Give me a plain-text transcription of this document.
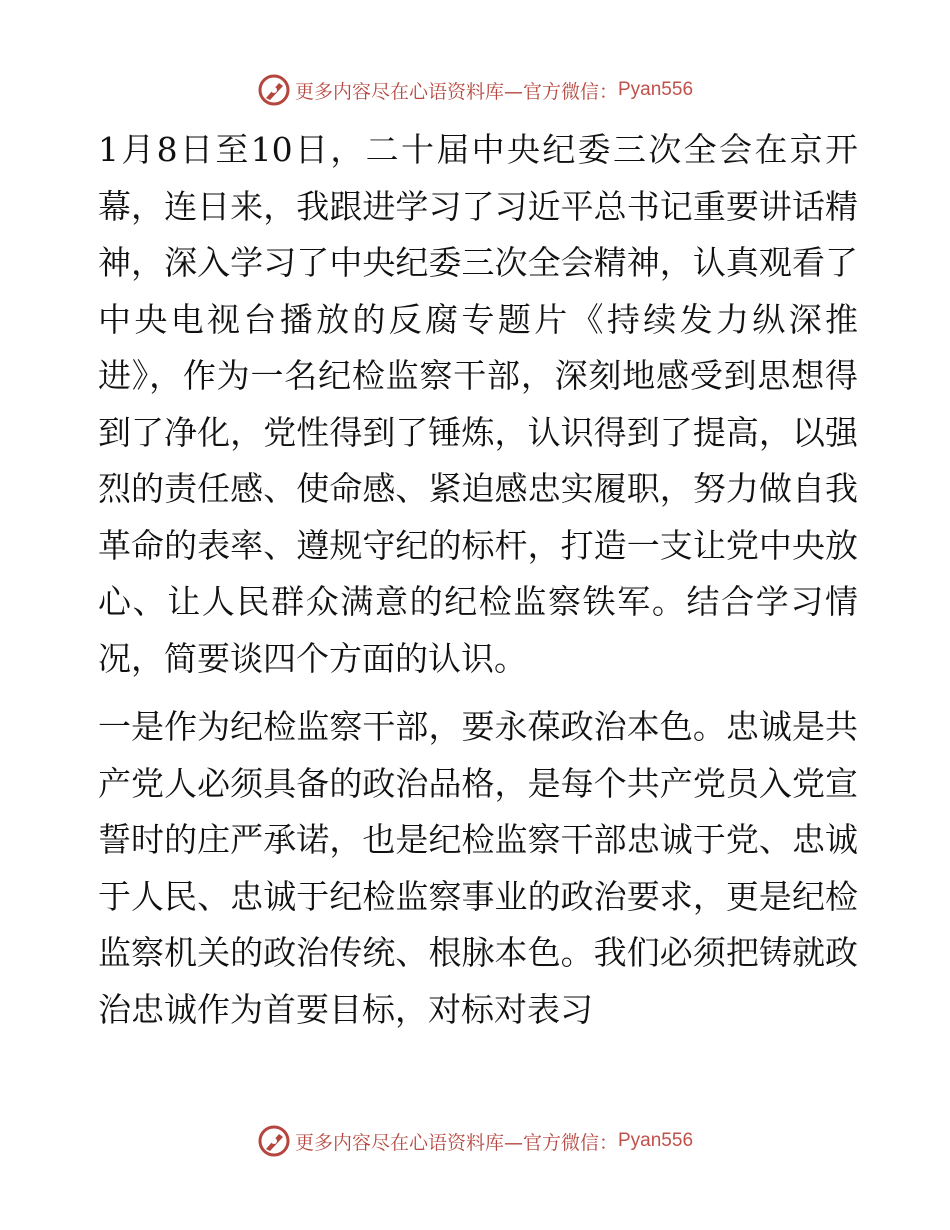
更多内容尽在心语资料库—官方微信： Pyan556

1月8日至10日，二十届中央纪委三次全会在京开幕，连日来，我跟进学习了习近平总书记重要讲话精神，深入学习了中央纪委三次全会精神，认真观看了中央电视台播放的反腐专题片《持续发力纵深推进》，作为一名纪检监察干部，深刻地感受到思想得到了净化，党性得到了锤炼，认识得到了提高，以强烈的责任感、使命感、紧迫感忠实履职，努力做自我革命的表率、遵规守纪的标杆，打造一支让党中央放心、让人民群众满意的纪检监察铁军。结合学习情况，简要谈四个方面的认识。

一是作为纪检监察干部，要永葆政治本色。忠诚是共产党人必须具备的政治品格，是每个共产党员入党宣誓时的庄严承诺，也是纪检监察干部忠诚于党、忠诚于人民、忠诚于纪检监察事业的政治要求，更是纪检监察机关的政治传统、根脉本色。我们必须把铸就政治忠诚作为首要目标，对标对表习

更多内容尽在心语资料库—官方微信： Pyan556
